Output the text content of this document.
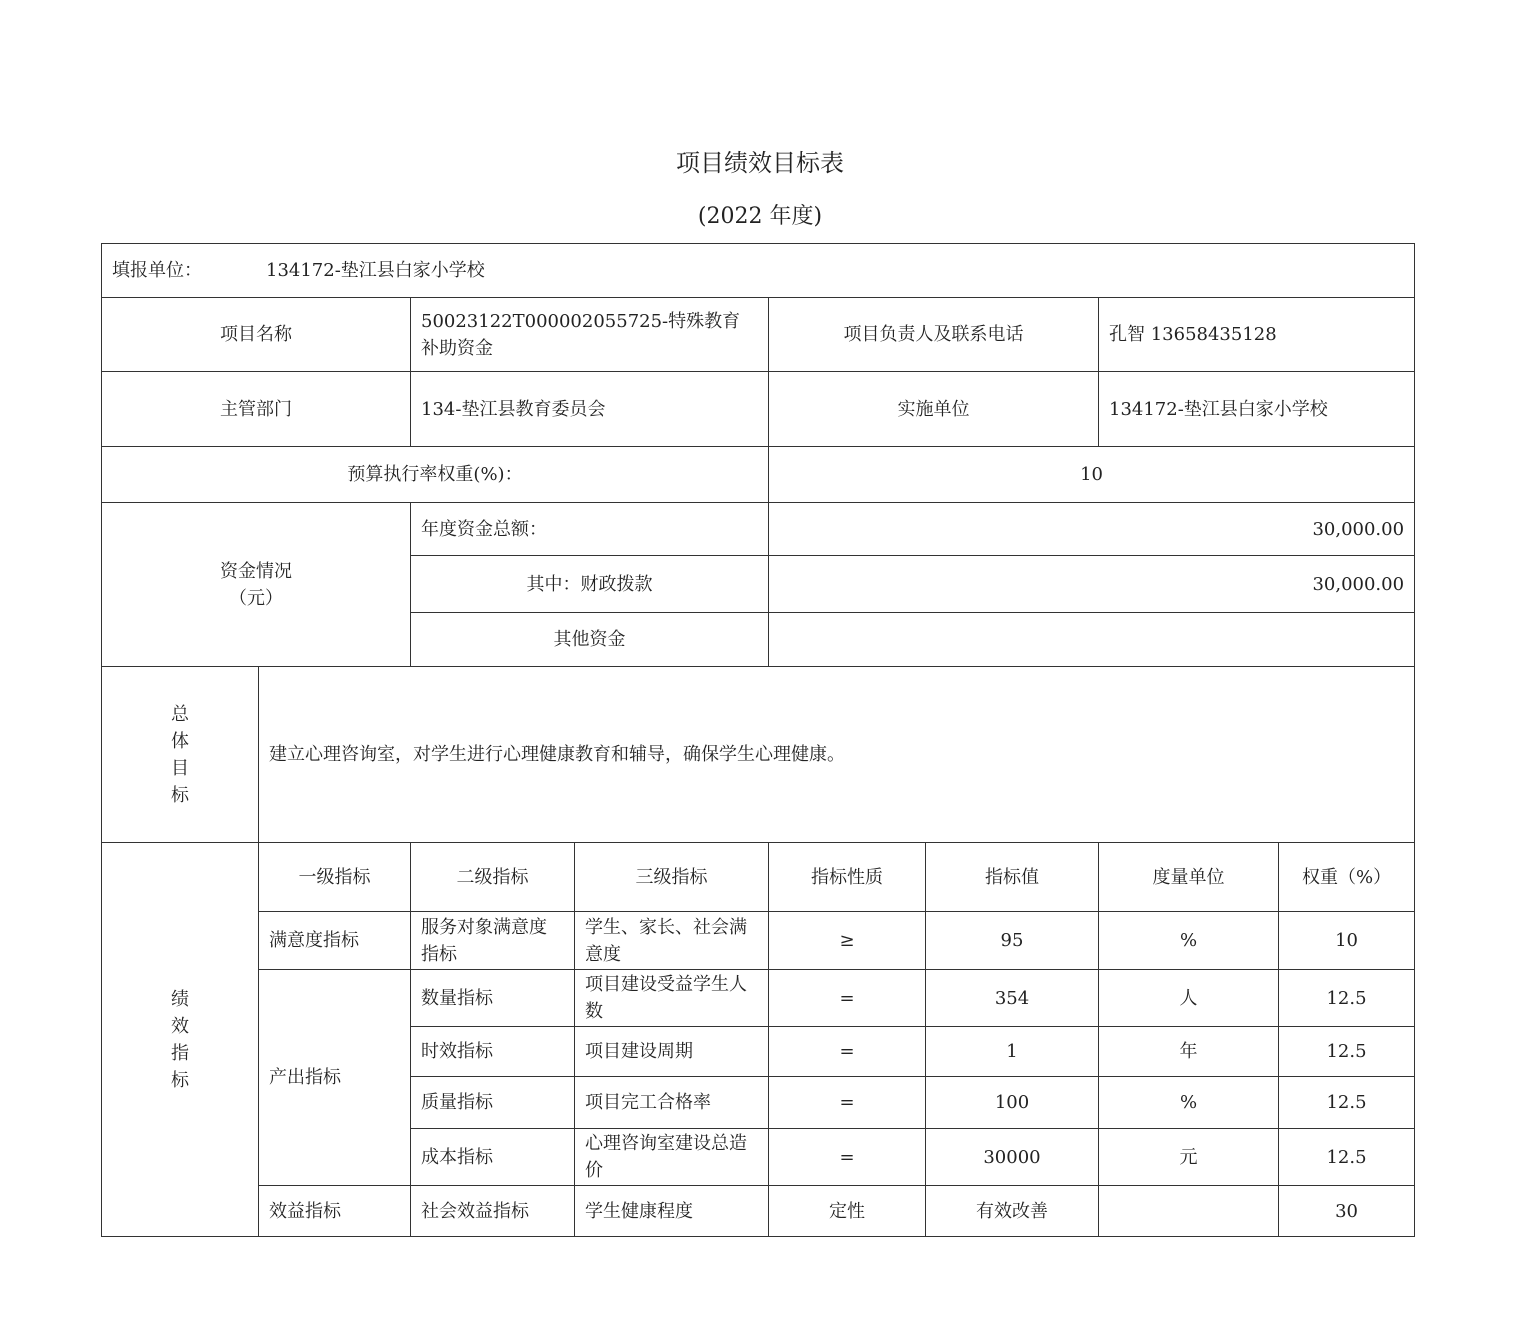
项目绩效目标表
(2022 年度)
填报单位： 134172-垫江县白家小学校							
项目名称		50023122T000002055725-特殊教育补助资金		项目负责人及联系电话		孔智 13658435128	
主管部门		134-垫江县教育委员会		实施单位		134172-垫江县白家小学校	
预算执行率权重(%)：				10			

资金情况
（元）		年度资金总额：		30,000.00			
		其中：财政拨款		30,000.00			
		其他资金					

总
体
目
标	建立心理咨询室，对学生进行心理健康教育和辅导，确保学生心理健康。						

绩
效
指
标	一级指标	二级指标	三级指标	指标性质	指标值	度量单位	权重（%）
	满意度指标	服务对象满意度指标	学生、家长、社会满意度	≥	95	%	10
	产出指标	数量指标	项目建设受益学生人数	=	354	人	12.5
		时效指标	项目建设周期	=	1	年	12.5
		质量指标	项目完工合格率	=	100	%	12.5
		成本指标	心理咨询室建设总造价	=	30000	元	12.5
	效益指标	社会效益指标	学生健康程度	定性	有效改善		30
